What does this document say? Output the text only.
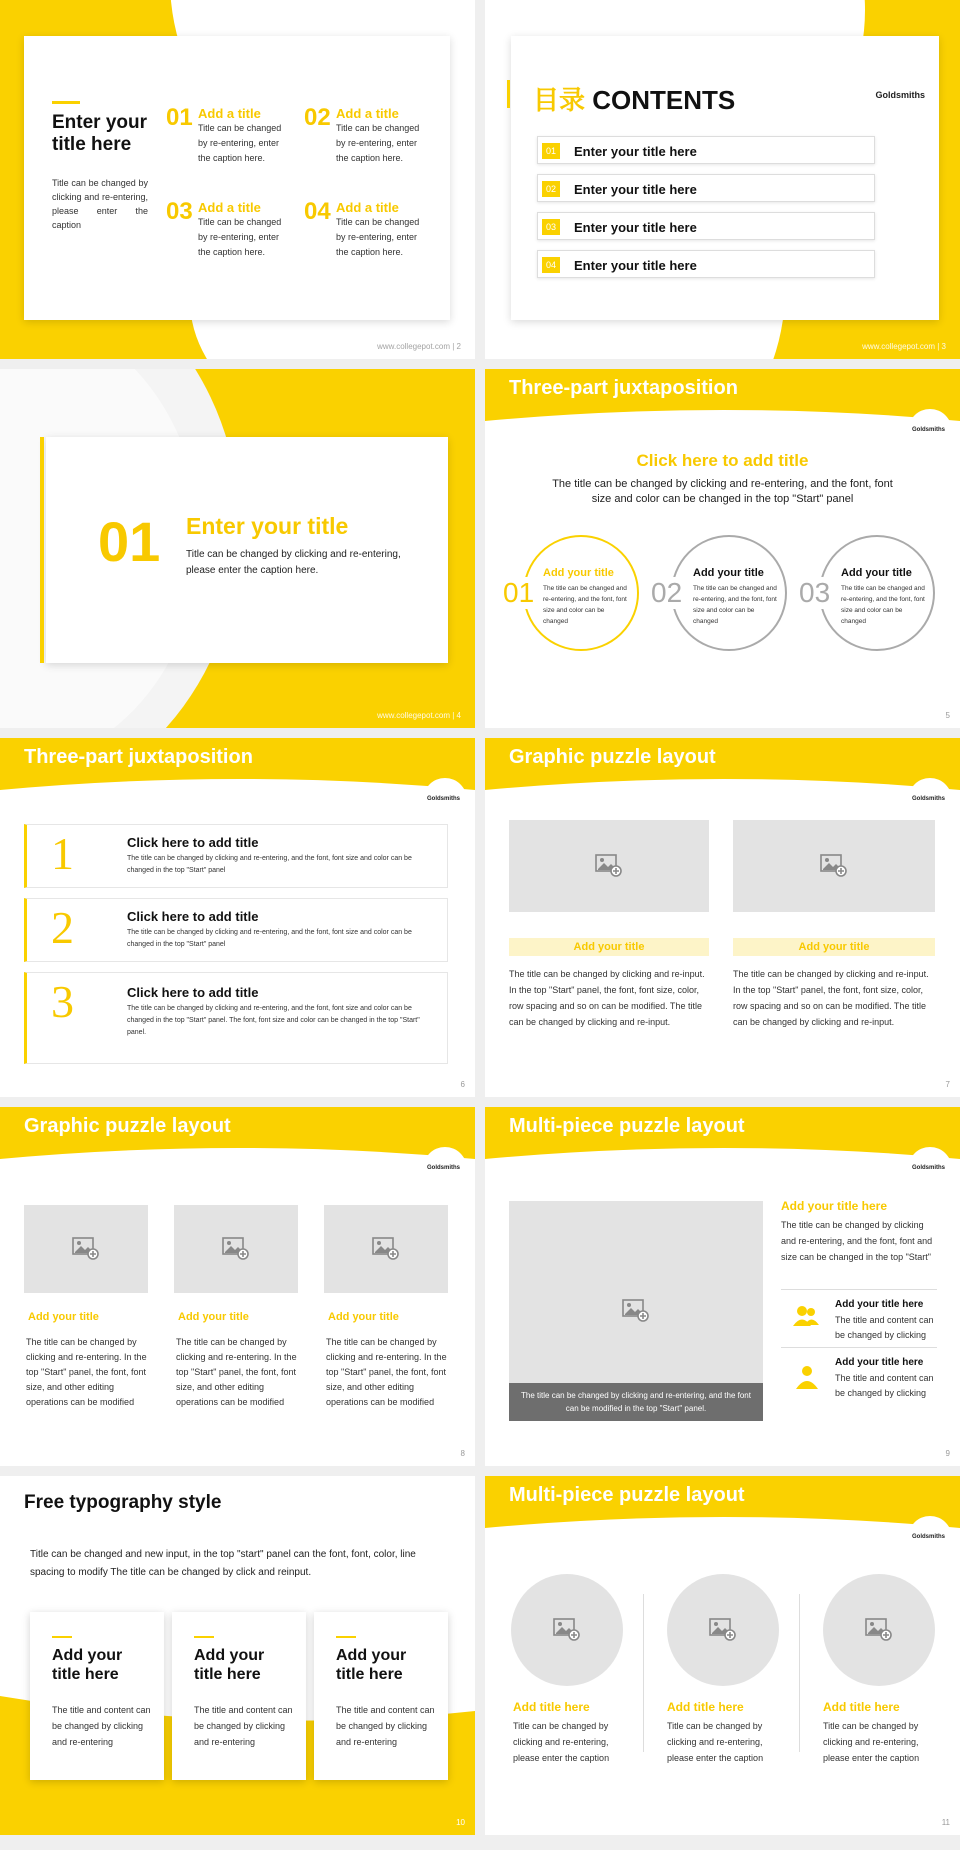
Enter your
title here
Title can be changed by clicking and re-entering, please enter the caption
01 Add a title
Title can be changed by re-entering, enter the caption here.
02 Add a title
Title can be changed by re-entering, enter the caption here.
03 Add a title
Title can be changed by re-entering, enter the caption here.
04 Add a title
Title can be changed by re-entering, enter the caption here.
www.collegepot.com | 2
目录 CONTENTS	Goldsmiths
01	Enter your title here
02	Enter your title here
03	Enter your title here
04	Enter your title here
www.collegepot.com | 3
01 Enter your title
Title can be changed by clicking and re-entering, please enter the caption here.
www.collegepot.com | 4
Three-part juxtaposition
Goldsmiths
Click here to add title
The title can be changed by clicking and re-entering, and the font, font size and color can be changed in the top "Start" panel
01
Add your title
The title can be changed and re-entering, and the font, font size and color can be changed
02
Add your title
The title can be changed and re-entering, and the font, font size and color can be changed
03
Add your title
The title can be changed and re-entering, and the font, font size and color can be changed
5
Three-part juxtaposition
Goldsmiths
1	Click here to add title
The title can be changed by clicking and re-entering, and the font, font size and color can be changed in the top "Start" panel
2	Click here to add title
The title can be changed by clicking and re-entering, and the font, font size and color can be changed in the top "Start" panel
3	Click here to add title
The title can be changed by clicking and re-entering, and the font, font size and color can be changed in the top "Start" panel. The font, font size and color can be changed in the top "Start" panel.
6
Graphic puzzle layout
Goldsmiths
Add your title	Add your title
The title can be changed by clicking and re-input. In the top "Start" panel, the font, font size, color, row spacing and so on can be modified. The title can be changed by clicking and re-input.
The title can be changed by clicking and re-input. In the top "Start" panel, the font, font size, color, row spacing and so on can be modified. The title can be changed by clicking and re-input.
7
Graphic puzzle layout
Goldsmiths
Add your title	Add your title	Add your title
The title can be changed by clicking and re-entering. In the top "Start" panel, the font, font size, and other editing operations can be modified
The title can be changed by clicking and re-entering. In the top "Start" panel, the font, font size, and other editing operations can be modified
The title can be changed by clicking and re-entering. In the top "Start" panel, the font, font size, and other editing operations can be modified
8
Multi-piece puzzle layout
Goldsmiths
The title can be changed by clicking and re-entering, and the font can be modified in the top "Start" panel.
Add your title here
The title can be changed by clicking and re-entering, and the font, font and size can be changed in the top "Start"
Add your title here
The title and content can be changed by clicking
Add your title here
The title and content can be changed by clicking
9
Free typography style
Title can be changed and new input, in the top "start" panel can the font, font, color, line spacing to modify The title can be changed by click and reinput.
Add your
title here
The title and content can be changed by clicking and re-entering
Add your
title here
The title and content can be changed by clicking and re-entering
Add your
title here
The title and content can be changed by clicking and re-entering
10
Multi-piece puzzle layout
Goldsmiths
Add title here	Add title here	Add title here
Title can be changed by clicking and re-entering, please enter the caption
Title can be changed by clicking and re-entering, please enter the caption
Title can be changed by clicking and re-entering, please enter the caption
11
